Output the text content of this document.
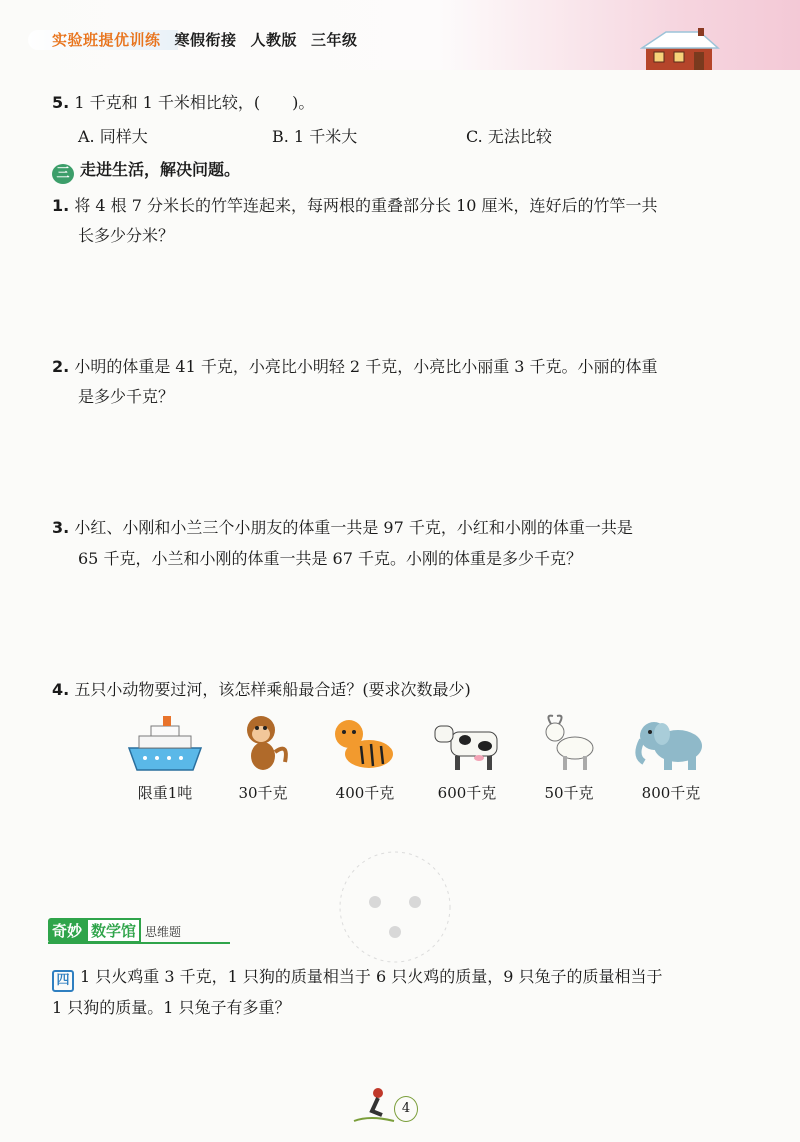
实验班提优训练 寒假衔接 人教版 三年级
5. 1 千克和 1 千米相比较，(　　)。
A. 同样大	B. 1 千米大	C. 无法比较
三 走进生活，解决问题。
1. 将 4 根 7 分米长的竹竿连起来，每两根的重叠部分长 10 厘米，连好后的竹竿一共
长多少分米？
2. 小明的体重是 41 千克，小亮比小明轻 2 千克，小亮比小丽重 3 千克。小丽的体重
是多少千克？
3. 小红、小刚和小兰三个小朋友的体重一共是 97 千克，小红和小刚的体重一共是
65 千克，小兰和小刚的体重一共是 67 千克。小刚的体重是多少千克？
4. 五只小动物要过河，该怎样乘船最合适？(要求次数最少)
限重1吨	30千克	400千克	600千克	50千克	800千克
奇妙 数学馆 思维题
四 1 只火鸡重 3 千克，1 只狗的质量相当于 6 只火鸡的质量，9 只兔子的质量相当于
1 只狗的质量。1 只兔子有多重？
4
